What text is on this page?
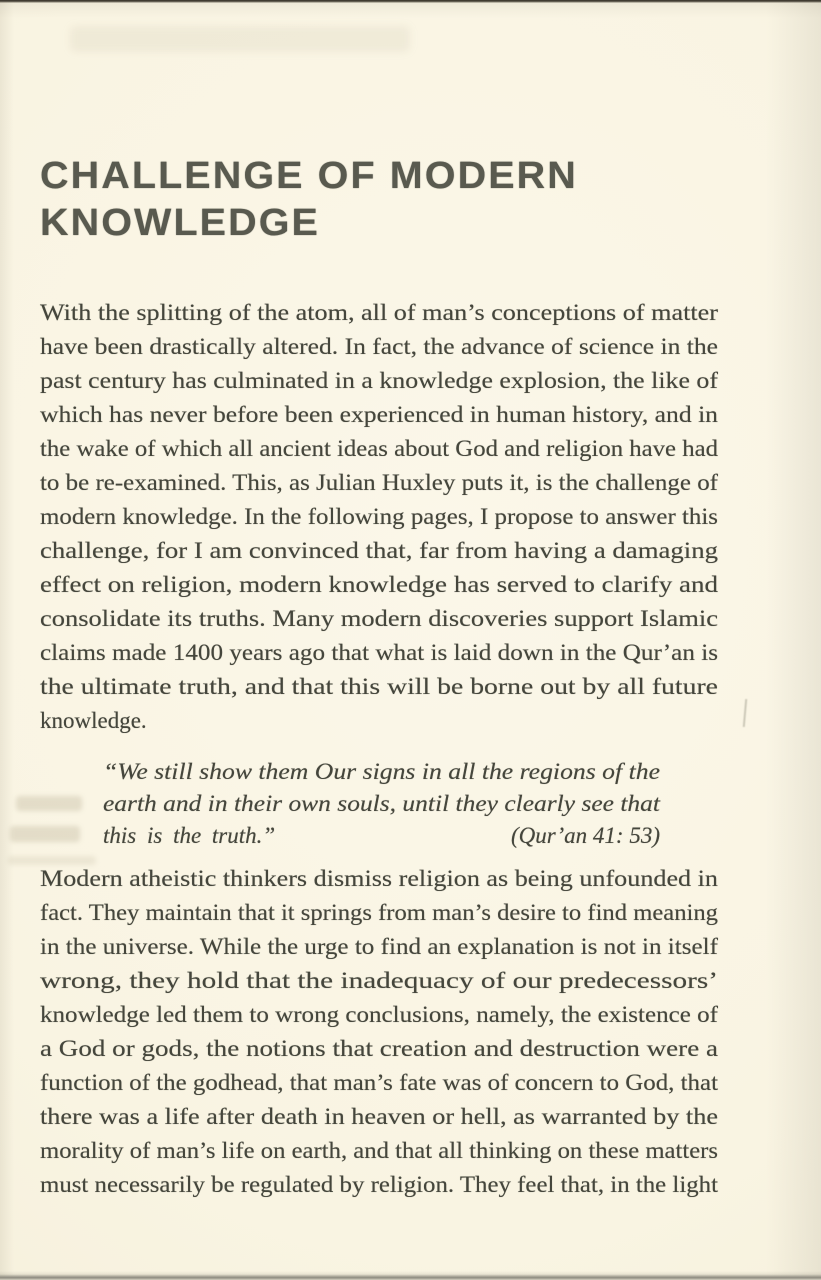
CHALLENGE OF MODERN
KNOWLEDGE
With the splitting of the atom, all of man’s conceptions of matter
have been drastically altered. In fact, the advance of science in the
past century has culminated in a knowledge explosion, the like of
which has never before been experienced in human history, and in
the wake of which all ancient ideas about God and religion have had
to be re-examined. This, as Julian Huxley puts it, is the challenge of
modern knowledge. In the following pages, I propose to answer this
challenge, for I am convinced that, far from having a damaging
effect on religion, modern knowledge has served to clarify and
consolidate its truths. Many modern discoveries support Islamic
claims made 1400 years ago that what is laid down in the Qur’an is
the ultimate truth, and that this will be borne out by all future
knowledge.
“We still show them Our signs in all the regions of the
earth and in their own souls, until they clearly see that
this is the truth.”	(Qur’an 41: 53)
Modern atheistic thinkers dismiss religion as being unfounded in
fact. They maintain that it springs from man’s desire to find meaning
in the universe. While the urge to find an explanation is not in itself
wrong, they hold that the inadequacy of our predecessors’
knowledge led them to wrong conclusions, namely, the existence of
a God or gods, the notions that creation and destruction were a
function of the godhead, that man’s fate was of concern to God, that
there was a life after death in heaven or hell, as warranted by the
morality of man’s life on earth, and that all thinking on these matters
must necessarily be regulated by religion. They feel that, in the light
